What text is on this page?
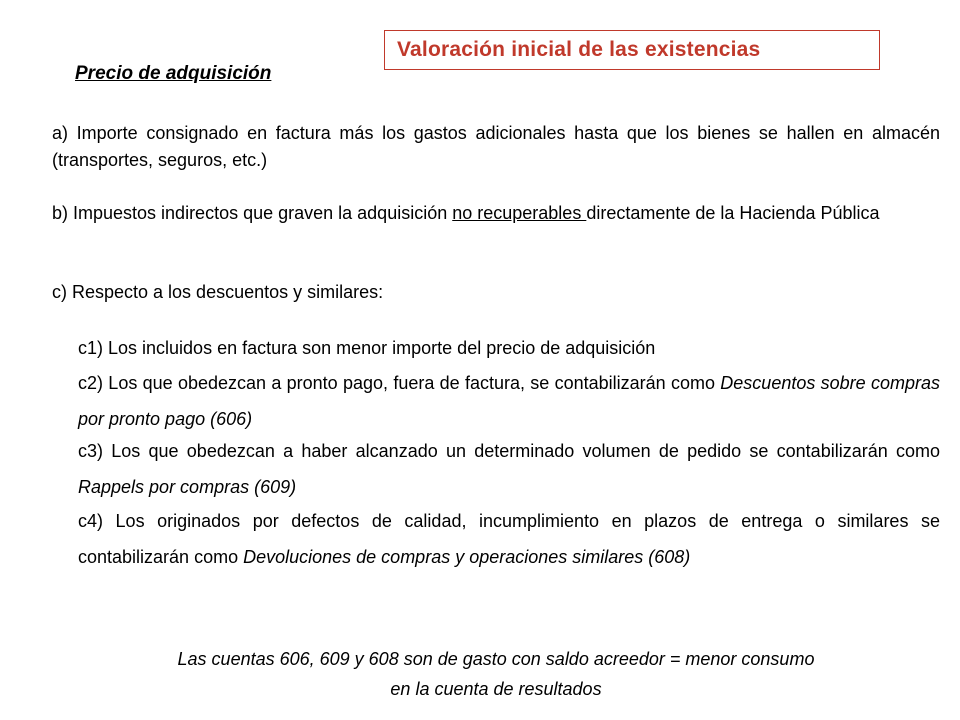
Valoración inicial de las existencias
Precio de adquisición
a) Importe consignado en factura más los gastos adicionales hasta que los bienes se hallen en almacén (transportes, seguros, etc.)
b) Impuestos indirectos que graven la adquisición no recuperables directamente de la Hacienda Pública
c) Respecto a los descuentos y similares:
c1) Los incluidos en factura son menor importe del precio de adquisición
c2) Los que obedezcan a pronto pago, fuera de factura, se contabilizarán como Descuentos sobre compras por pronto pago (606)
c3) Los que obedezcan a haber alcanzado un determinado volumen de pedido se contabilizarán como Rappels por compras (609)
c4) Los originados por defectos de calidad, incumplimiento en plazos de entrega o similares se contabilizarán como Devoluciones de compras y operaciones similares (608)
Las cuentas 606, 609 y 608 son de gasto con saldo acreedor = menor consumo
en la cuenta de resultados
